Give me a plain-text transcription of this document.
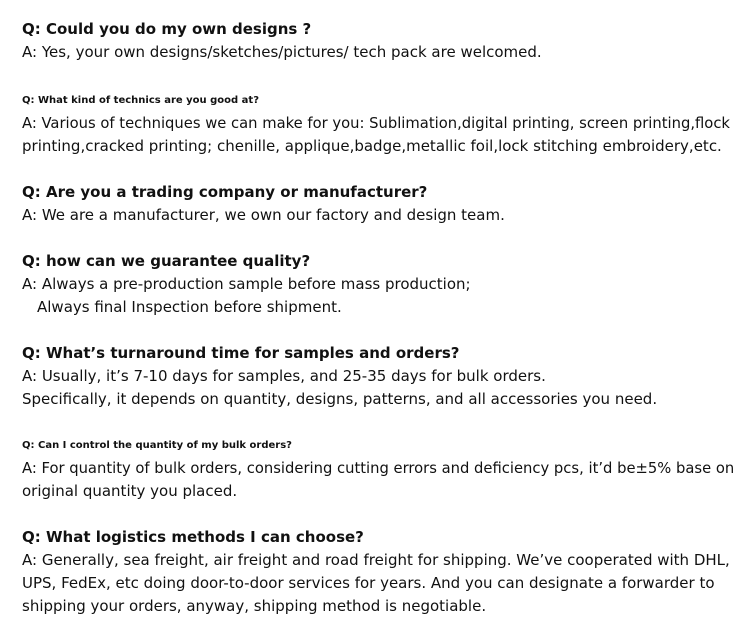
Q: Could you do my own designs ?

A: Yes, your own designs/sketches/pictures/ tech pack are welcomed.

Q: What kind of technics are you good at?

A: Various of techniques we can make for you: Sublimation,digital printing, screen printing,flock
printing,cracked printing; chenille, applique,badge,metallic foil,lock stitching embroidery,etc.

Q: Are you a trading company or manufacturer?

A: We are a manufacturer, we own our factory and design team.

Q: how can we guarantee quality?

A: Always a pre-production sample before mass production;
Always final Inspection before shipment.

Q: What’s turnaround time for samples and orders?

A: Usually, it’s 7-10 days for samples, and 25-35 days for bulk orders.
Specifically, it depends on quantity, designs, patterns, and all accessories you need.

Q: Can I control the quantity of my bulk orders?

A: For quantity of bulk orders, considering cutting errors and deficiency pcs, it’d be±5% base on
original quantity you placed.

Q: What logistics methods I can choose?

A: Generally, sea freight, air freight and road freight for shipping. We’ve cooperated with DHL,
UPS, FedEx, etc doing door-to-door services for years. And you can designate a forwarder to
shipping your orders, anyway, shipping method is negotiable.
